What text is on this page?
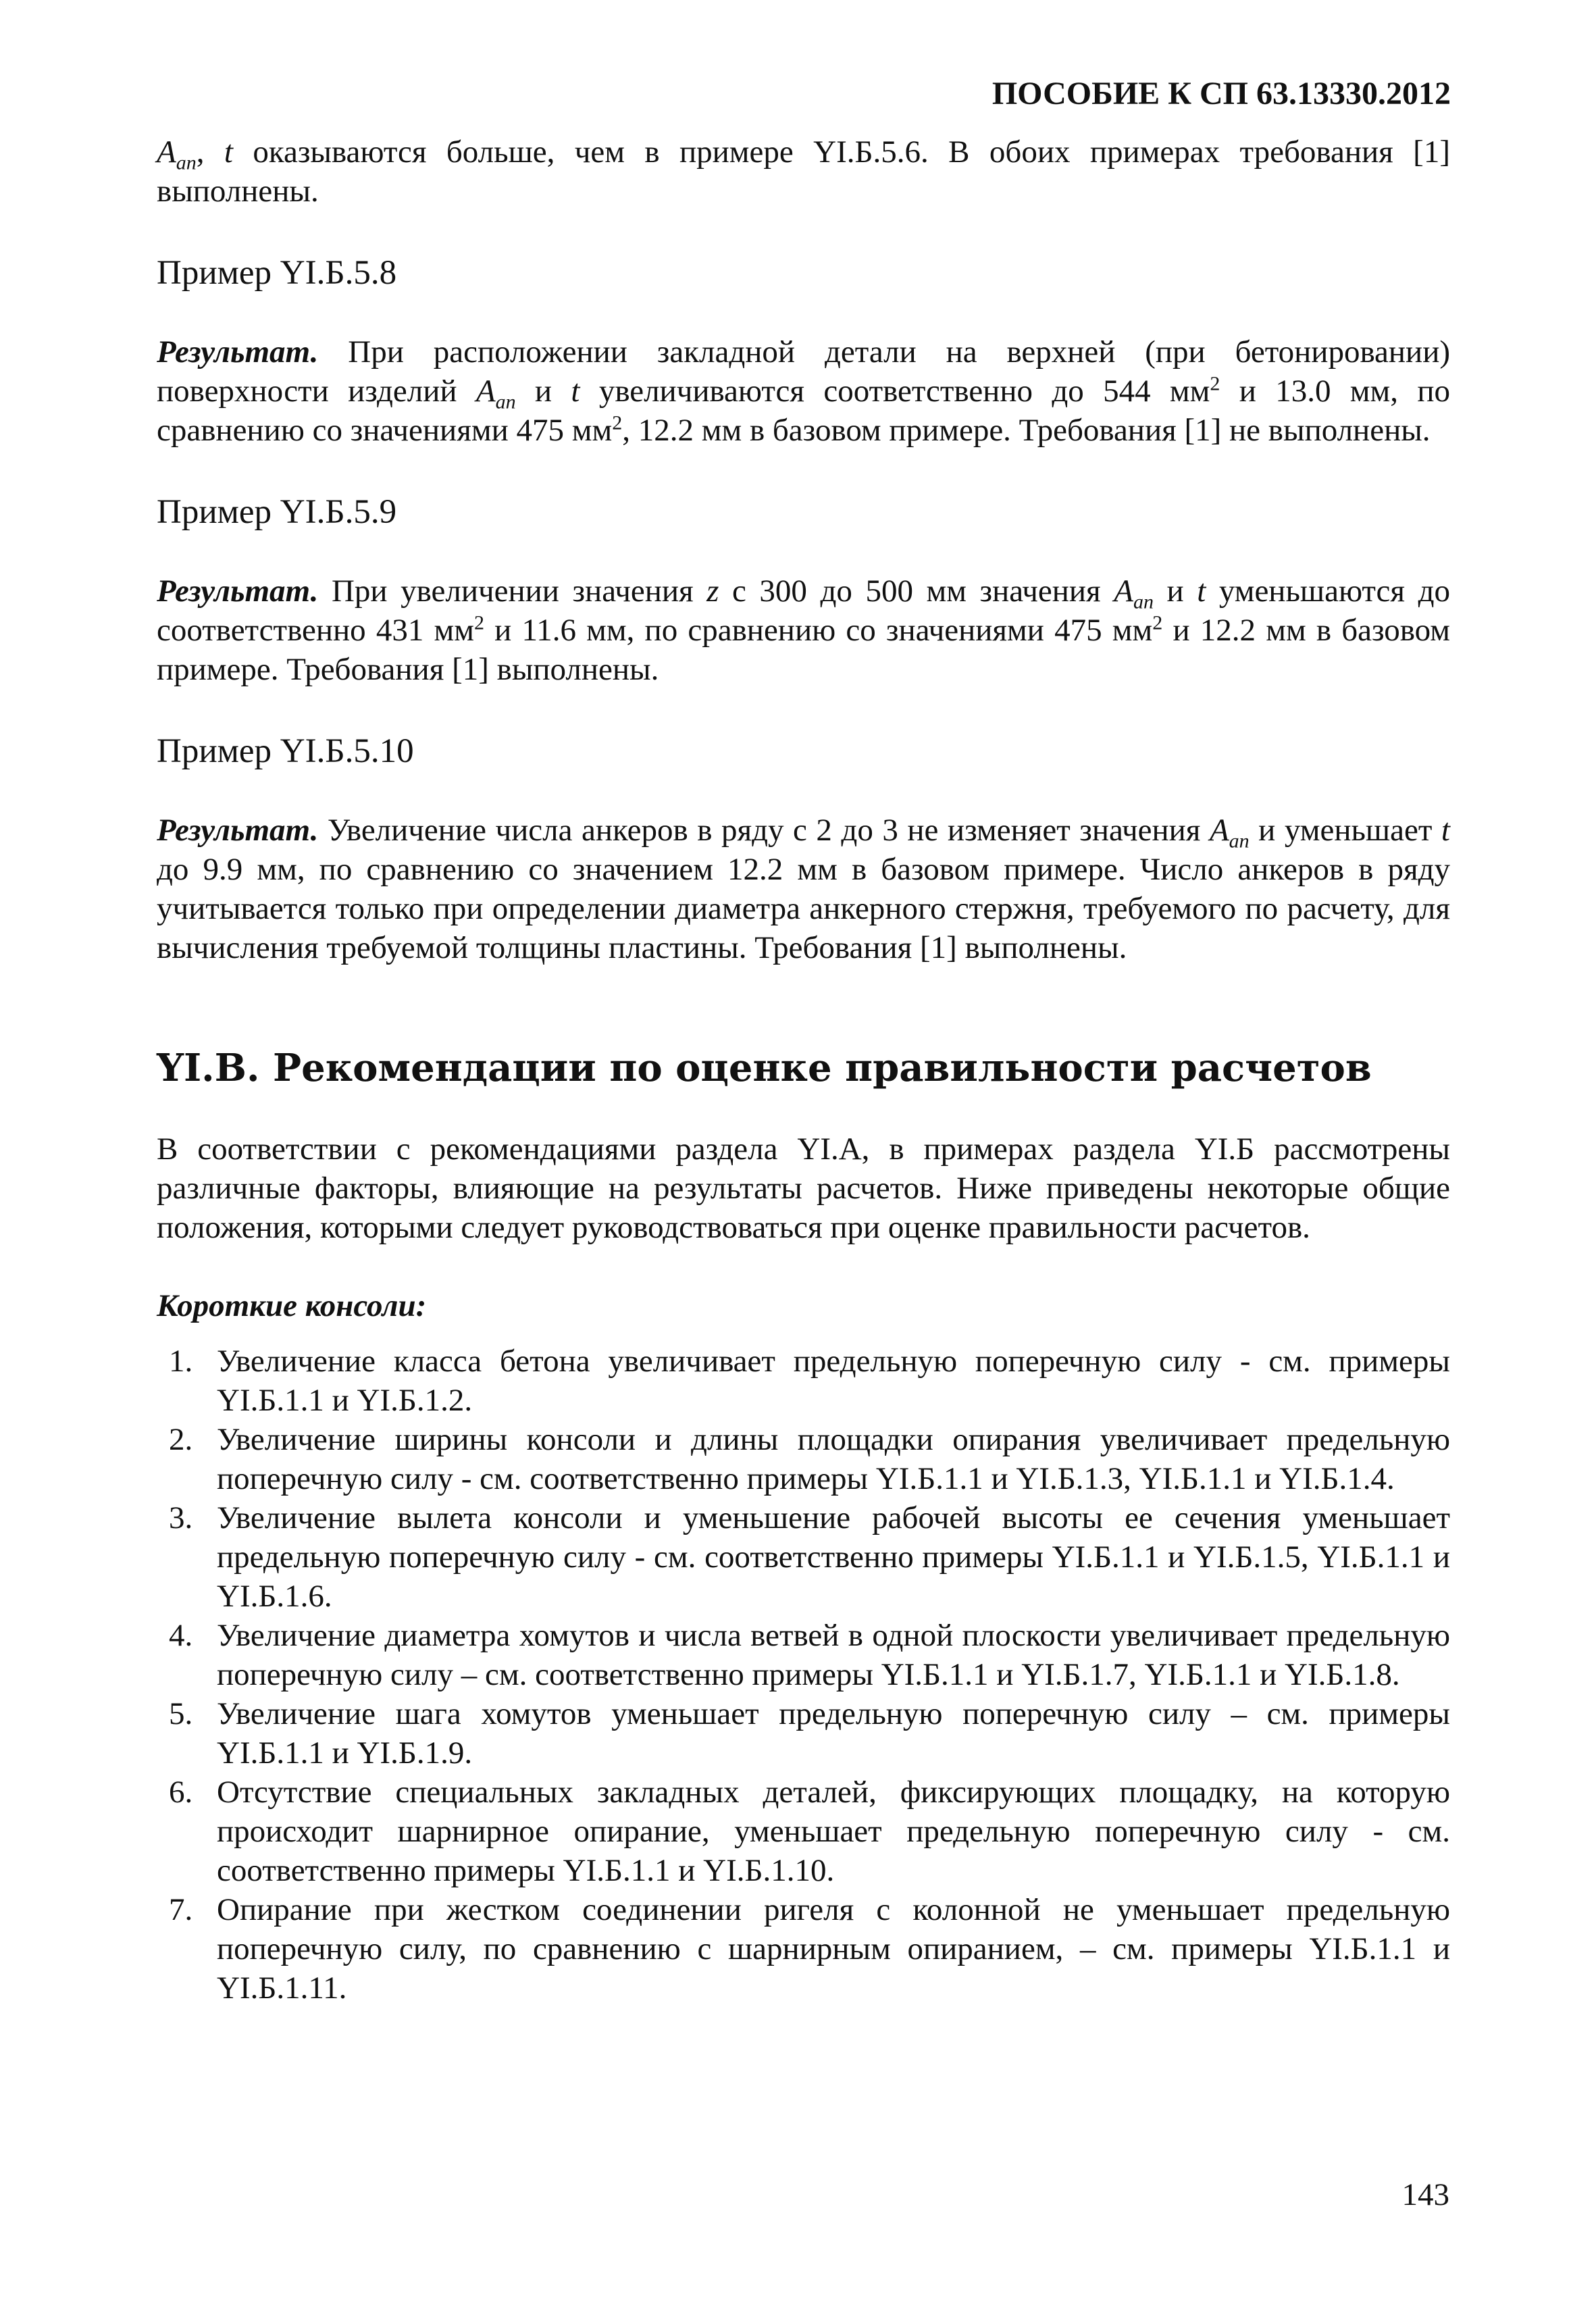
ПОСОБИЕ К СП 63.13330.2012

$A_{an}$, t оказываются больше, чем в примере YI.Б.5.6. В обоих примерах требования [1] выполнены.

Пример YI.Б.5.8

Результат. При расположении закладной детали на верхней (при бетонировании) поверхности изделий $A_{an}$ и t увеличиваются соответственно до 544 $мм^2$ и 13.0 мм, по сравнению со значениями 475 $мм^2$, 12.2 мм в базовом примере. Требования [1] не выполнены.

Пример YI.Б.5.9

Результат. При увеличении значения z с 300 до 500 мм значения $A_{an}$ и t уменьшаются до соответственно 431 $мм^2$ и 11.6 мм, по сравнению со значениями 475 $мм^2$ и 12.2 мм в базовом примере. Требования [1] выполнены.

Пример YI.Б.5.10

Результат. Увеличение числа анкеров в ряду с 2 до 3 не изменяет значения $A_{an}$ и уменьшает t до 9.9 мм, по сравнению со значением 12.2 мм в базовом примере. Число анкеров в ряду учитывается только при определении диаметра анкерного стержня, требуемого по расчету, для вычисления требуемой толщины пластины. Требования [1] выполнены.

YI.В. Рекомендации по оценке правильности расчетов

В соответствии с рекомендациями раздела YI.А, в примерах раздела YI.Б рассмотрены различные факторы, влияющие на результаты расчетов. Ниже приведены некоторые общие положения, которыми следует руководствоваться при оценке правильности расчетов.

Короткие консоли:

1. Увеличение класса бетона увеличивает предельную поперечную силу - см. примеры YI.Б.1.1 и YI.Б.1.2.
2. Увеличение ширины консоли и длины площадки опирания увеличивает предельную поперечную силу - см. соответственно примеры YI.Б.1.1 и YI.Б.1.3, YI.Б.1.1 и YI.Б.1.4.
3. Увеличение вылета консоли и уменьшение рабочей высоты ее сечения уменьшает предельную поперечную силу - см. соответственно примеры YI.Б.1.1 и YI.Б.1.5, YI.Б.1.1 и YI.Б.1.6.
4. Увеличение диаметра хомутов и числа ветвей в одной плоскости увеличивает предельную поперечную силу – см. соответственно примеры YI.Б.1.1 и YI.Б.1.7, YI.Б.1.1 и YI.Б.1.8.
5. Увеличение шага хомутов уменьшает предельную поперечную силу – см. примеры YI.Б.1.1 и YI.Б.1.9.
6. Отсутствие специальных закладных деталей, фиксирующих площадку, на которую происходит шарнирное опирание, уменьшает предельную поперечную силу - см. соответственно примеры YI.Б.1.1 и YI.Б.1.10.
7. Опирание при жестком соединении ригеля с колонной не уменьшает предельную поперечную силу, по сравнению с шарнирным опиранием, – см. примеры YI.Б.1.1 и YI.Б.1.11.
143
